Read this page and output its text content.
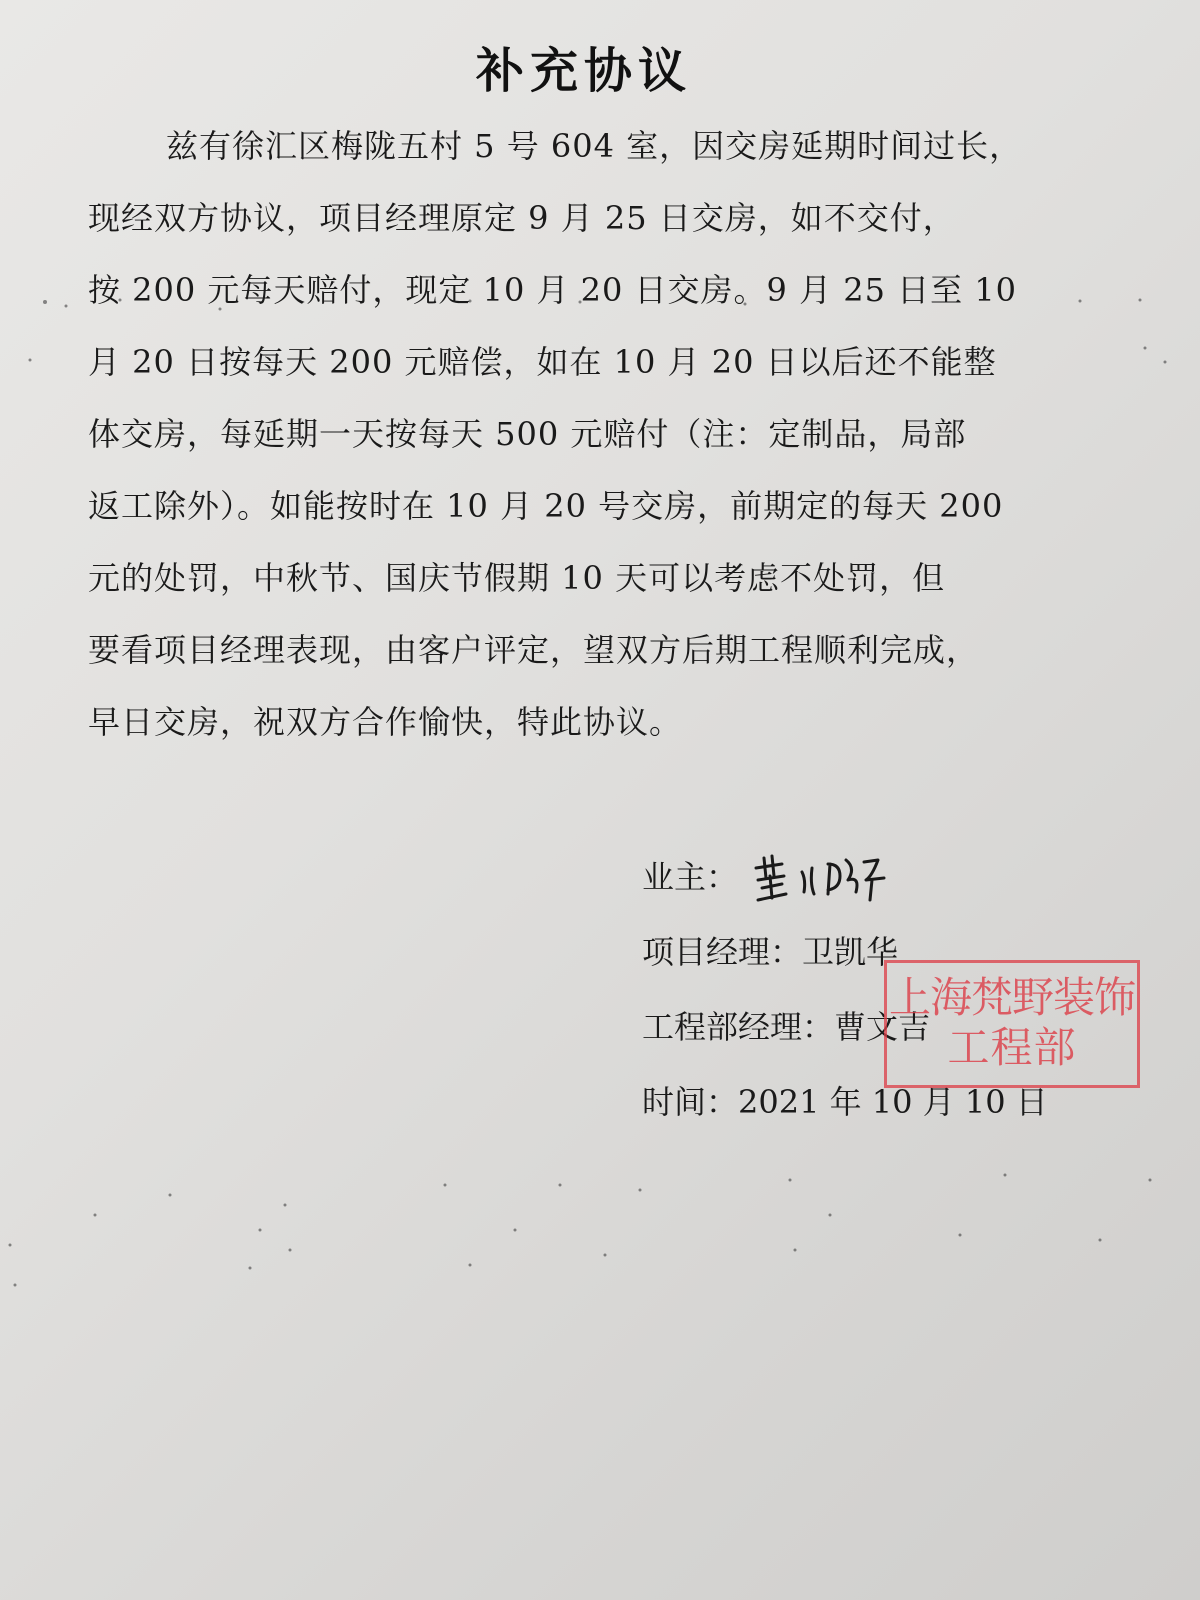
补充协议
兹有徐汇区梅陇五村 5 号 604 室，因交房延期时间过长，
现经双方协议，项目经理原定 9 月 25 日交房，如不交付，
按 200 元每天赔付，现定 10 月 20 日交房。9 月 25 日至 10
月 20 日按每天 200 元赔偿，如在 10 月 20 日以后还不能整
体交房，每延期一天按每天 500 元赔付（注：定制品，局部
返工除外）。如能按时在 10 月 20 号交房，前期定的每天 200
元的处罚，中秋节、国庆节假期 10 天可以考虑不处罚，但
要看项目经理表现，由客户评定，望双方后期工程顺利完成，
早日交房，祝双方合作愉快，特此协议。
业主：
项目经理：卫凯华
工程部经理：曹文吉
时间：2021 年 10 月 10 日
上海梵野装饰
工程部
